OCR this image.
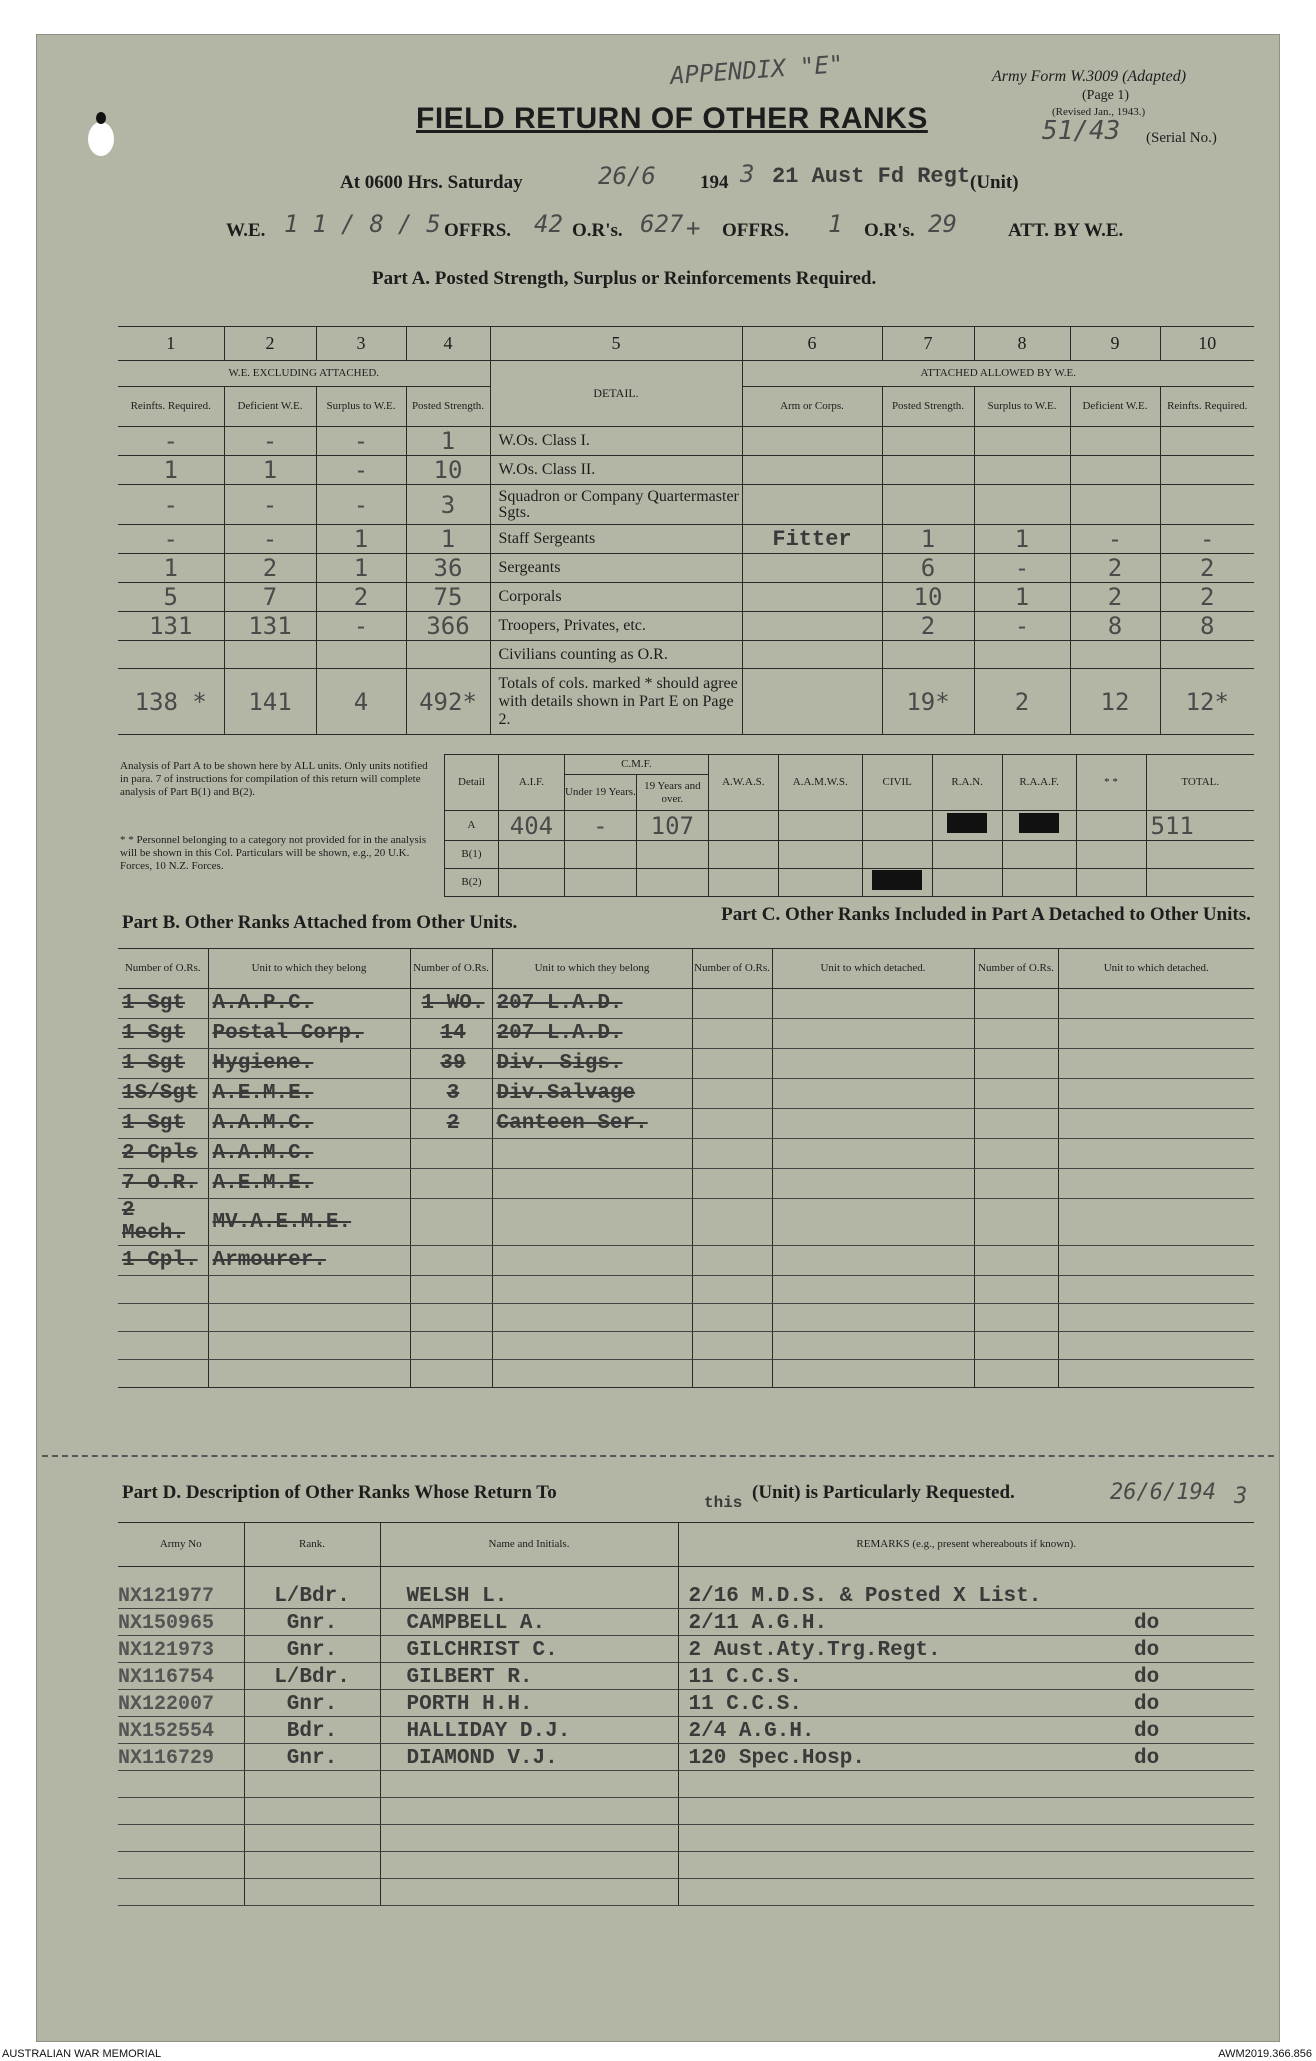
Army Form W.3009 (Adapted)
(Page 1)
(Revised Jan., 1943.)
51/43 (Serial No.)
APPENDIX "E"
FIELD RETURN OF OTHER RANKS
At 0600 Hrs. Saturday	26/6 194 3 21 Aust Fd Regt (Unit)
W.E. 11/8/5
OFFRS. 42 O.R's. 627 + OFFRS. 1 O.R's. 29	ATT. BY W.E.
Part A. Posted Strength, Surplus or Reinforcements Required.
1	2	3	4	5	6	7	8	9	10
W.E. EXCLUDING ATTACHED.				DETAIL.	ATTACHED ALLOWED BY W.E.				
Reinfts. Required.	Deficient W.E.	Surplus to W.E.	Posted Strength.		Arm or Corps.	Posted Strength.	Surplus to W.E.	Deficient W.E.	Reinfts. Required.
-	-	-	1	W.Os. Class I.					
1	1	-	10	W.Os. Class II.					
-	-	-	3	Squadron or Company Quartermaster Sgts.					
-	-	1	1	Staff Sergeants	Fitter	1	1	-	-
1	2	1	36	Sergeants		6	-	2	2
5	7	2	75	Corporals		10	1	2	2
131	131	-	366	Troopers, Privates, etc.		2	-	8	8
				Civilians counting as O.R.					
138 *	141	4	492*	Totals of cols. marked * should agree with details shown in Part E on Page 2.		19*	2	12	12*
Analysis of Part A to be shown here by ALL units. Only units notified in para. 7 of instructions for compilation of this return will complete analysis of Part B(1) and B(2).
* * Personnel belonging to a category not provided for in the analysis will be shown in this Col. Particulars will be shown, e.g., 20 U.K. Forces, 10 N.Z. Forces.
Detail	A.I.F.	C.M.F.		A.W.A.S.	A.A.M.W.S.	CIVIL	R.A.N.	R.A.A.F.	* *	TOTAL.
		Under 19 Years.	19 Years and over.							
A	404	-	107							511
B(1)										
B(2)										
Part B. Other Ranks Attached from Other Units.	Part C. Other Ranks Included in Part A Detached to Other Units.
Number of O.Rs.	Unit to which they belong	Number of O.Rs.	Unit to which they belong	Number of O.Rs.	Unit to which detached.	Number of O.Rs.	Unit to which detached.
1 Sgt	A.A.P.C.	1 WO.	207 L.A.D.				
1 Sgt	Postal Corp.	14	207 L.A.D.				
1 Sgt	Hygiene.	39	Div. Sigs.				
1S/Sgt	A.E.M.E.	3	Div.Salvage				
1 Sgt	A.A.M.C.	2	Canteen Ser.				
2 Cpls	A.A.M.C.						
7 O.R.	A.E.M.E.						
2 Mech.	MV.A.E.M.E.						
1 Cpl.	Armourer.						

Part D. Description of Other Ranks Whose Return To	this (Unit) is Particularly Requested.	26/6/194 3
Army No	Rank.	Name and Initials.	REMARKS (e.g., present whereabouts if known).
NX121977	L/Bdr.	WELSH L.	2/16 M.D.S. & Posted X List.
NX150965	Gnr.	CAMPBELL A.	2/11 A.G.H. do

NX121973	Gnr.	GILCHRIST C.	2 Aust.Aty.Trg.Regt. do

NX116754	L/Bdr.	GILBERT R.	11 C.C.S. do

NX122007	Gnr.	PORTH H.H.	11 C.C.S. do

NX152554	Bdr.	HALLIDAY D.J.	2/4 A.G.H. do

NX116729	Gnr.	DIAMOND V.J.	120 Spec.Hosp. do

AUSTRALIAN WAR MEMORIAL	AWM2019.366.856
